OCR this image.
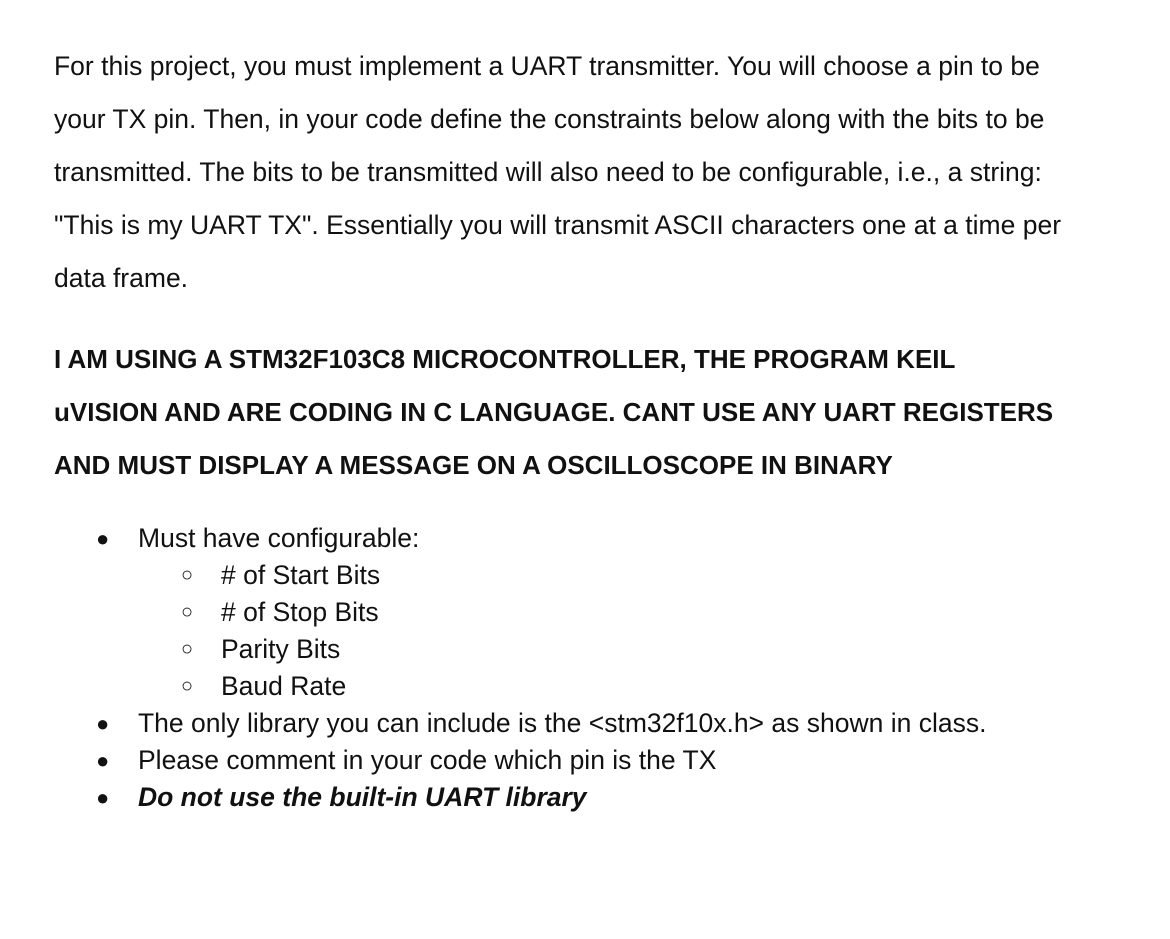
For this project, you must implement a UART transmitter. You will choose a pin to be
your TX pin. Then, in your code define the constraints below along with the bits to be
transmitted. The bits to be transmitted will also need to be configurable, i.e., a string:
"This is my UART TX". Essentially you will transmit ASCII characters one at a time per
data frame.

I AM USING A STM32F103C8 MICROCONTROLLER, THE PROGRAM KEIL
uVISION AND ARE CODING IN C LANGUAGE. CANT USE ANY UART REGISTERS
AND MUST DISPLAY A MESSAGE ON A OSCILLOSCOPE IN BINARY

● Must have configurable:
○ # of Start Bits
○ # of Stop Bits
○ Parity Bits
○ Baud Rate
● The only library you can include is the <stm32f10x.h> as shown in class.
● Please comment in your code which pin is the TX
● Do not use the built-in UART library
